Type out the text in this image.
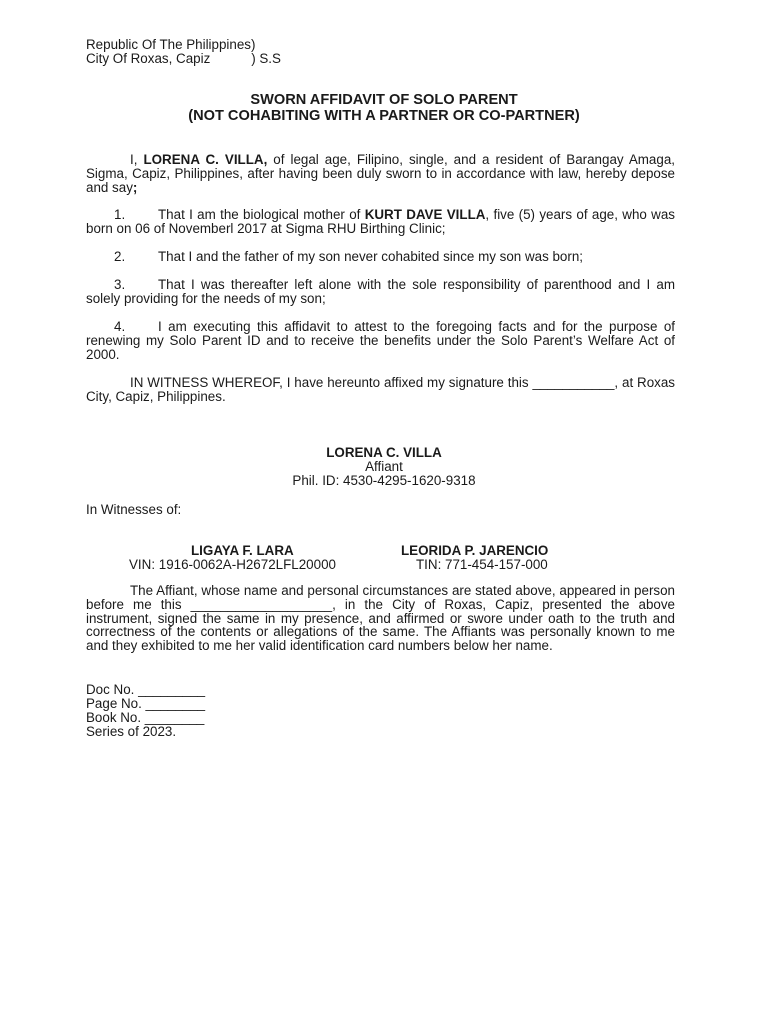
Republic Of The Philippines)
City Of Roxas, Capiz           ) S.S
SWORN AFFIDAVIT OF SOLO PARENT
(NOT COHABITING WITH A PARTNER OR CO-PARTNER)
I, LORENA C. VILLA, of legal age, Filipino, single, and a resident of Barangay Amaga, Sigma, Capiz, Philippines, after having been duly sworn to in accordance with law, hereby depose and say;
1. That I am the biological mother of KURT DAVE VILLA, five (5) years of age, who was born on 06 of Novemberl 2017 at Sigma RHU Birthing Clinic;
2. That I and the father of my son never cohabited since my son was born;
3. That I was thereafter left alone with the sole responsibility of parenthood and I am solely providing for the needs of my son;
4. I am executing this affidavit to attest to the foregoing facts and for the purpose of renewing my Solo Parent ID and to receive the benefits under the Solo Parent’s Welfare Act of 2000.
IN WITNESS WHEREOF, I have hereunto affixed my signature this ___________, at Roxas City, Capiz, Philippines.
LORENA C. VILLA
Affiant
Phil. ID: 4530-4295-1620-9318
In Witnesses of:
LIGAYA F. LARA
VIN: 1916-0062A-H2672LFL20000
LEORIDA P. JARENCIO
TIN: 771-454-157-000
The Affiant, whose name and personal circumstances are stated above, appeared in person before me this ___________________, in the City of Roxas, Capiz, presented the above instrument, signed the same in my presence, and affirmed or swore under oath to the truth and correctness of the contents or allegations of the same. The Affiants was personally known to me and they exhibited to me her valid identification card numbers below her name.
Doc No. _________
Page No. ________
Book No. ________
Series of 2023.
